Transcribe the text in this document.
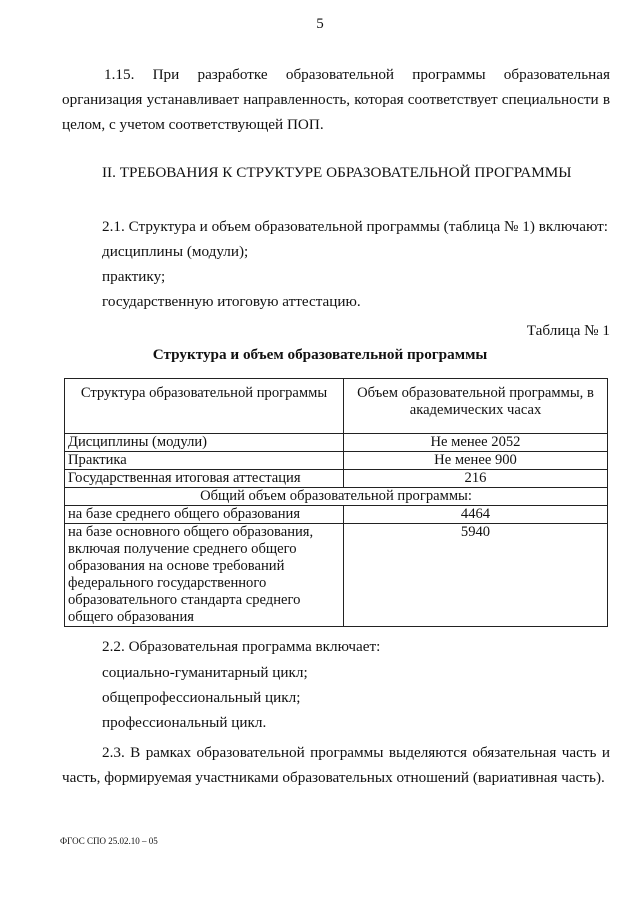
5

1.15. При разработке образовательной программы образовательная организация устанавливает направленность, которая соответствует специальности в целом, с учетом соответствующей ПОП.

II. ТРЕБОВАНИЯ К СТРУКТУРЕ ОБРАЗОВАТЕЛЬНОЙ ПРОГРАММЫ
2.1. Структура и объем образовательной программы (таблица № 1) включают:
дисциплины (модули);
практику;
государственную итоговую аттестацию.
Таблица № 1
Структура и объем образовательной программы
Структура образовательной программы	Объем образовательной программы, в академических часах
Дисциплины (модули)	Не менее 2052
Практика	Не менее 900
Государственная итоговая аттестация	216
Общий объем образовательной программы:	
на базе среднего общего образования	4464
на базе основного общего образования, включая получение среднего общего образования на основе требований федерального государственного образовательного стандарта среднего общего образования	5940
2.2. Образовательная программа включает:
социально-гуманитарный цикл;
общепрофессиональный цикл;
профессиональный цикл.

2.3. В рамках образовательной программы выделяются обязательная часть и часть, формируемая участниками образовательных отношений (вариативная часть).

ФГОС СПО 25.02.10 – 05
